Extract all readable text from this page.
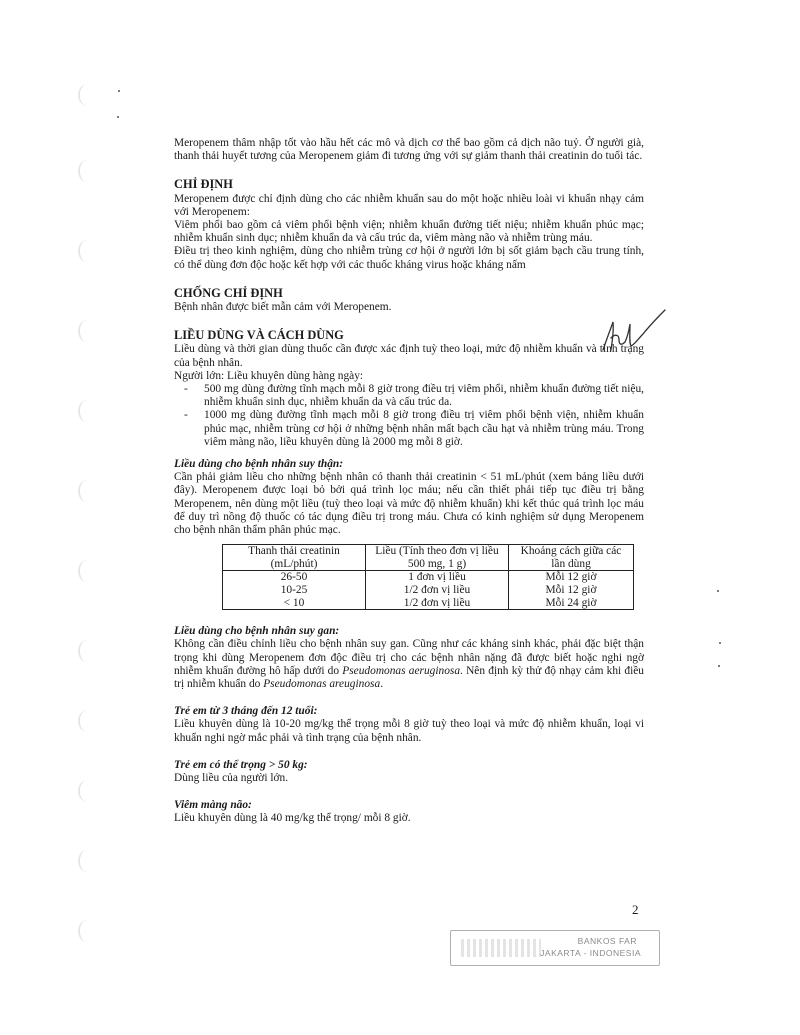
Meropenem thâm nhập tốt vào hầu hết các mô và dịch cơ thể bao gồm cả dịch não tuỷ. Ở người già, thanh thải huyết tương của Meropenem giảm đi tương ứng với sự giảm thanh thải creatinin do tuổi tác.

CHỈ ĐỊNH

Meropenem được chỉ định dùng cho các nhiễm khuẩn sau do một hoặc nhiều loài vi khuẩn nhạy cảm với Meropenem:

Viêm phổi bao gồm cả viêm phổi bệnh viện; nhiễm khuẩn đường tiết niệu; nhiễm khuẩn phúc mạc; nhiễm khuẩn sinh dục; nhiễm khuẩn da và cấu trúc da, viêm màng não và nhiễm trùng máu.

Điều trị theo kinh nghiệm, dùng cho nhiễm trùng cơ hội ở người lớn bị sốt giảm bạch cầu trung tính, có thể dùng đơn độc hoặc kết hợp với các thuốc kháng virus hoặc kháng nấm

CHỐNG CHỈ ĐỊNH

Bệnh nhân được biết mẫn cảm với Meropenem.

LIỀU DÙNG VÀ CÁCH DÙNG

Liều dùng và thời gian dùng thuốc cần được xác định tuỳ theo loại, mức độ nhiễm khuẩn và tình trạng của bệnh nhân.

Người lớn: Liều khuyên dùng hàng ngày:

- 500 mg dùng đường tĩnh mạch mỗi 8 giờ trong điều trị viêm phổi, nhiễm khuẩn đường tiết niệu, nhiễm khuẩn sinh dục, nhiễm khuẩn da và cấu trúc da.
- 1000 mg dùng đường tĩnh mạch mỗi 8 giờ trong điều trị viêm phổi bệnh viện, nhiễm khuẩn phúc mạc, nhiễm trùng cơ hội ở những bệnh nhân mất bạch cầu hạt và nhiễm trùng máu. Trong viêm màng não, liều khuyên dùng là 2000 mg mỗi 8 giờ.

Liều dùng cho bệnh nhân suy thận:

Cần phải giảm liều cho những bệnh nhân có thanh thải creatinin < 51 mL/phút (xem bảng liều dưới đây). Meropenem được loại bỏ bởi quá trình lọc máu; nếu cần thiết phải tiếp tục điều trị bằng Meropenem, nên dùng một liều (tuỳ theo loại và mức độ nhiễm khuẩn) khi kết thúc quá trình lọc máu để duy trì nồng độ thuốc có tác dụng điều trị trong máu. Chưa có kinh nghiệm sử dụng Meropenem cho bệnh nhân thẩm phân phúc mạc.

Thanh thải creatinin (mL/phút)	Liều (Tính theo đơn vị liều 500 mg, 1 g)	Khoảng cách giữa các lần dùng
26-50	1 đơn vị liều	Mỗi 12 giờ
10-25	1/2 đơn vị liều	Mỗi 12 giờ
< 10	1/2 đơn vị liều	Mỗi 24 giờ

Liều dùng cho bệnh nhân suy gan:

Không cần điều chỉnh liều cho bệnh nhân suy gan. Cũng như các kháng sinh khác, phải đặc biệt thận trọng khi dùng Meropenem đơn độc điều trị cho các bệnh nhân nặng đã được biết hoặc nghi ngờ nhiễm khuẩn đường hô hấp dưới do Pseudomonas aeruginosa. Nên định kỳ thử độ nhạy cảm khi điều trị nhiễm khuẩn do Pseudomonas areuginosa.

Trẻ em từ 3 tháng đến 12 tuổi:

Liều khuyên dùng là 10-20 mg/kg thể trọng mỗi 8 giờ tuỳ theo loại và mức độ nhiễm khuẩn, loại vi khuẩn nghi ngờ mắc phải và tình trạng của bệnh nhân.

Trẻ em có thể trọng > 50 kg:

Dùng liều của người lớn.

Viêm màng não:

Liều khuyên dùng là 40 mg/kg thể trọng/ mỗi 8 giờ.

2
BANKOS FAR
JAKARTA - INDONESIA
